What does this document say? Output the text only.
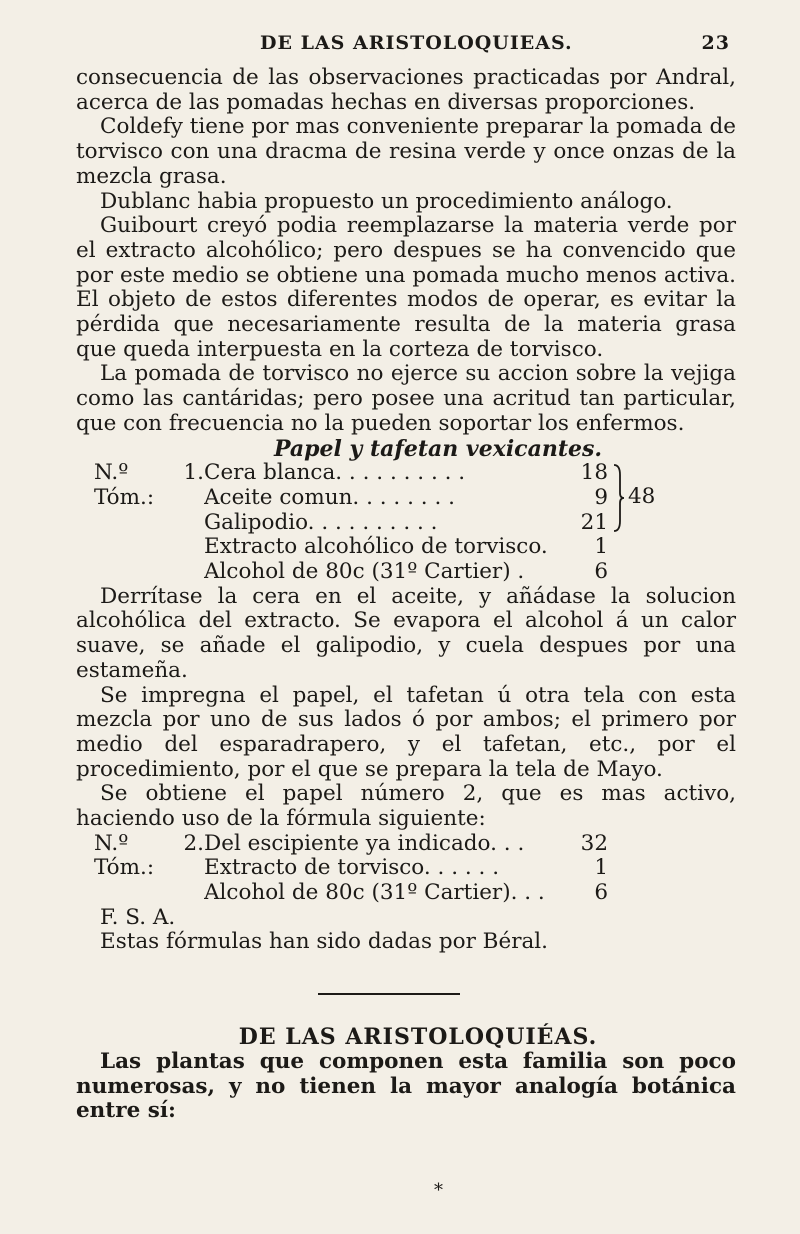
DE LAS ARISTOLOQUIEAS.	23

consecuencia de las observaciones practicadas por Andral, acerca de las pomadas hechas en diversas proporciones.

Coldefy tiene por mas conveniente preparar la pomada de torvisco con una dracma de resina verde y once onzas de la mezcla grasa.

Dublanc habia propuesto un procedimiento análogo.

Guibourt creyó podia reemplazarse la materia verde por el extracto alcohólico; pero despues se ha convencido que por este medio se obtiene una pomada mucho menos activa. El objeto de estos diferentes modos de operar, es evitar la pérdida que necesariamente resulta de la materia grasa que queda interpuesta en la corteza de torvisco.

La pomada de torvisco no ejerce su accion sobre la vejiga como las cantáridas; pero posee una acritud tan particular, que con frecuencia no la pueden soportar los enfermos.

Papel y tafetan vexicantes.

N.º 1. Tóm.:
Cera blanca. . . . . . . . . .	18
Aceite comun. . . . . . . .	9
Galipodio. . . . . . . . . .	21
Extracto alcohólico de torvisco.	1
Alcohol de 80c (31º Cartier) .	6
48

Derrítase la cera en el aceite, y añádase la solucion alcohólica del extracto. Se evapora el alcohol á un calor suave, se añade el galipodio, y cuela despues por una estameña.

Se impregna el papel, el tafetan ú otra tela con esta mezcla por uno de sus lados ó por ambos; el primero por medio del esparadrapero, y el tafetan, etc., por el procedimiento, por el que se prepara la tela de Mayo.

Se obtiene el papel número 2, que es mas activo, haciendo uso de la fórmula siguiente:

N.º 2. Tóm.:
Del escipiente ya indicado. . .	32
Extracto de torvisco. . . . . .	1
Alcohol de 80c (31º Cartier). . .	6

F. S. A.

Estas fórmulas han sido dadas por Béral.

DE LAS ARISTOLOQUIÉAS.

Las plantas que componen esta familia son poco numerosas, y no tienen la mayor analogía botánica entre sí:

*
